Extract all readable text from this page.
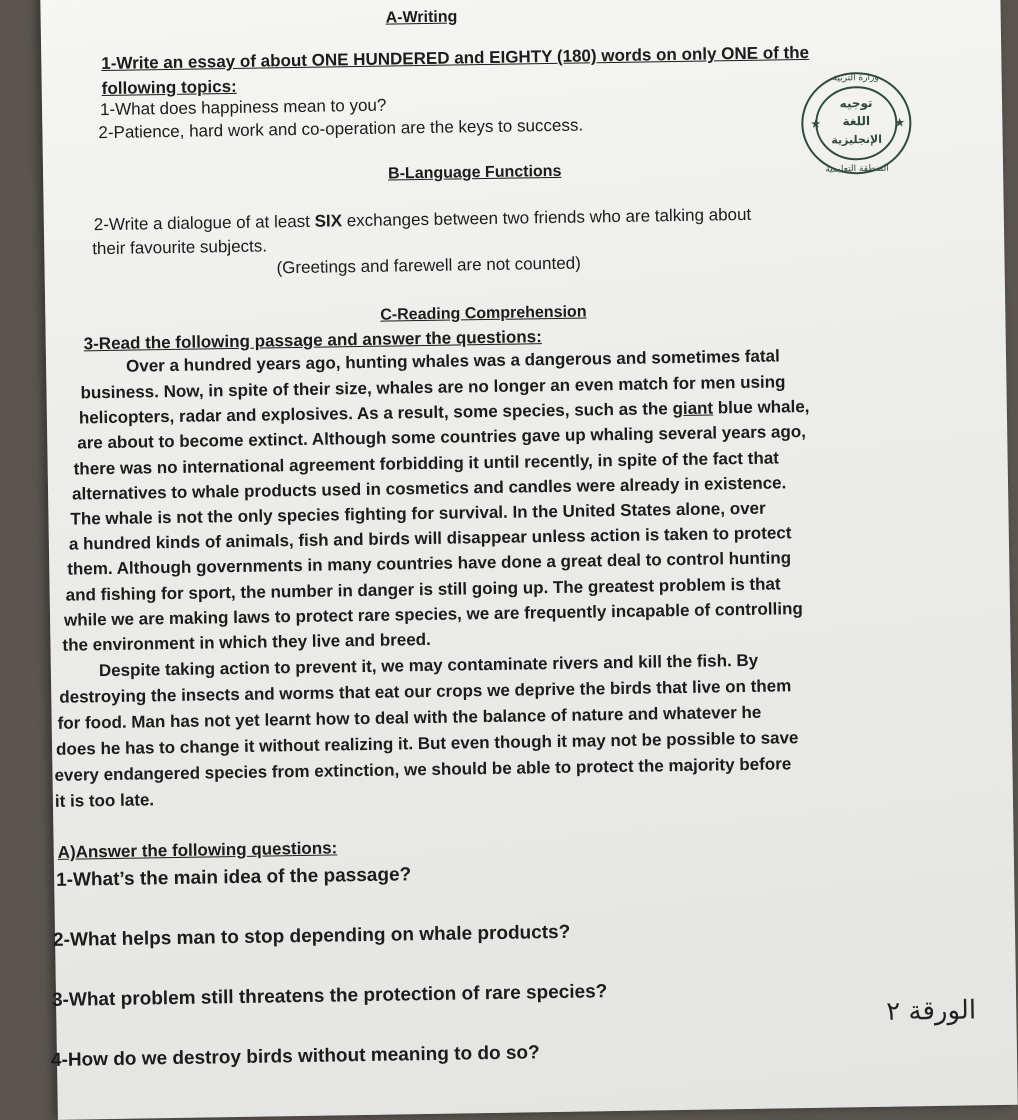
A-Writing
1-Write an essay of about ONE HUNDERED and EIGHTY (180) words on only ONE of the
following topics:
1-What does happiness mean to you?
2-Patience, hard work and co-operation are the keys to success.
B-Language Functions
2-Write a dialogue of at least SIX exchanges between two friends who are talking about
their favourite subjects.
(Greetings and farewell are not counted)
C-Reading Comprehension
3-Read the following passage and answer the questions:
Over a hundred years ago, hunting whales was a dangerous and sometimes fatal
business. Now, in spite of their size, whales are no longer an even match for men using
helicopters, radar and explosives. As a result, some species, such as the giant blue whale,
are about to become extinct. Although some countries gave up whaling several years ago,
there was no international agreement forbidding it until recently, in spite of the fact that
alternatives to whale products used in cosmetics and candles were already in existence.
The whale is not the only species fighting for survival. In the United States alone, over
a hundred kinds of animals, fish and birds will disappear unless action is taken to protect
them. Although governments in many countries have done a great deal to control hunting
and fishing for sport, the number in danger is still going up. The greatest problem is that
while we are making laws to protect rare species, we are frequently incapable of controlling
the environment in which they live and breed.
Despite taking action to prevent it, we may contaminate rivers and kill the fish. By
destroying the insects and worms that eat our crops we deprive the birds that live on them
for food. Man has not yet learnt how to deal with the balance of nature and whatever he
does he has to change it without realizing it. But even though it may not be possible to save
every endangered species from extinction, we should be able to protect the majority before
it is too late.
A)Answer the following questions:
1-What’s the main idea of the passage?
2-What helps man to stop depending on whale products?
3-What problem still threatens the protection of rare species?
4-How do we destroy birds without meaning to do so?
وزارة التربية
توجيه
اللغة
الإنجليزية
المنطقة التعليمية
★	★
الورقة ٢
